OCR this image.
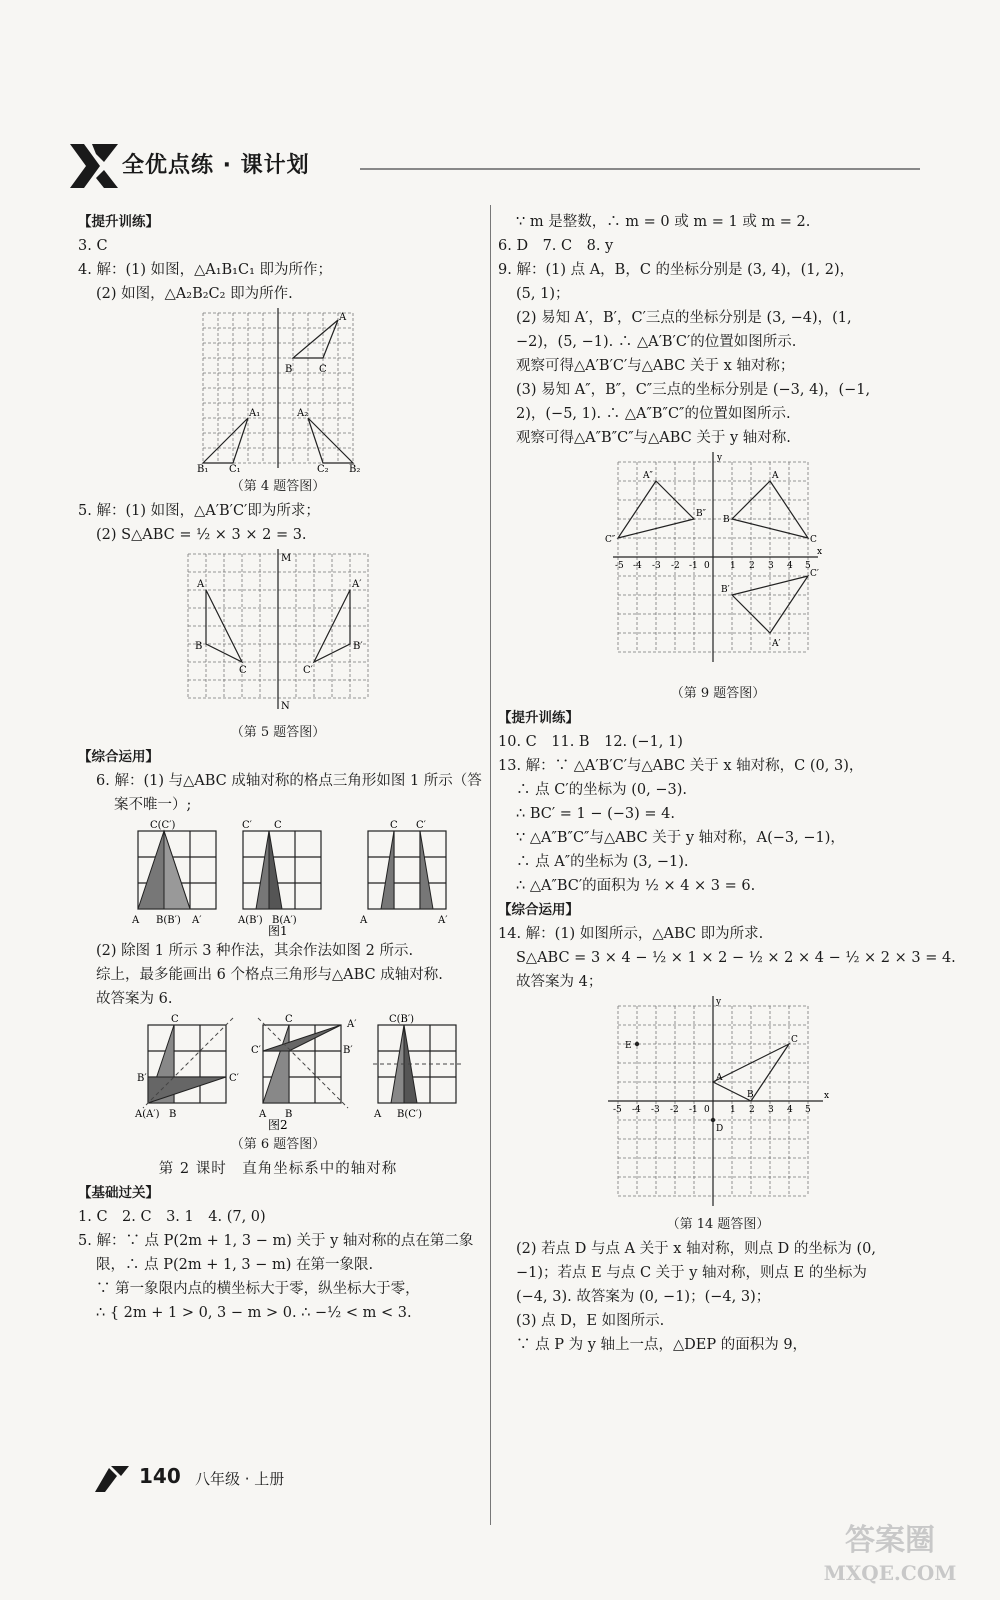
全优点练 · 课计划
【提升训练】
3. C
4. 解：(1) 如图，△A₁B₁C₁ 即为所作；
(2) 如图，△A₂B₂C₂ 即为所作.
A
B	C
A₁
B₁ C₁
A₂
C₂ B₂
（第 4 题答图）
5. 解：(1) 如图，△A′B′C′即为所求；
(2) S△ABC = ½ × 3 × 2 = 3.
M
N
A
B
C
A′
B′
C′
（第 5 题答图）
【综合运用】
6. 解：(1) 与△ABC 成轴对称的格点三角形如图 1 所示（答
案不唯一）;
C(C′)
A B(B′) A′
C′ C
A(B′) B(A′)
C C′
A	A′
图1
(2) 除图 1 所示 3 种作法，其余作法如图 2 所示.
综上，最多能画出 6 个格点三角形与△ABC 成轴对称.
故答案为 6.
C
B′	C′
A(A′) B
C	A′
C′	B′
A B
C(B′)
A B(C′)
图2
（第 6 题答图）
第 2 课时　直角坐标系中的轴对称
【基础过关】
1. C　2. C　3. 1　4. (7, 0)
5. 解：∵ 点 P(2m + 1, 3 − m) 关于 y 轴对称的点在第二象
限，∴ 点 P(2m + 1, 3 − m) 在第一象限.
∵ 第一象限内点的横坐标大于零，纵坐标大于零，
∴ { 2m + 1 > 0, 3 − m > 0. ∴ −½ < m < 3.
∵ m 是整数，∴ m = 0 或 m = 1 或 m = 2.
6. D　7. C　8. y
9. 解：(1) 点 A，B，C 的坐标分别是 (3, 4)，(1, 2)，
(5, 1)；
(2) 易知 A′，B′，C′三点的坐标分别是 (3, −4)，(1,
−2)，(5, −1). ∴ △A′B′C′的位置如图所示.
观察可得△A′B′C′与△ABC 关于 x 轴对称；
(3) 易知 A″，B″，C″三点的坐标分别是 (−3, 4)，(−1,
2)，(−5, 1). ∴ △A″B″C″的位置如图所示.
观察可得△A″B″C″与△ABC 关于 y 轴对称.
A
B
C
A′
B′
C′
A″
B″
C″
y
x
-5 -4 -3 -2 -1 0 1 2 3 4 5
（第 9 题答图）
【提升训练】
10. C　11. B　12. (−1, 1)
13. 解：∵ △A′B′C′与△ABC 关于 x 轴对称，C (0, 3)，
∴ 点 C′的坐标为 (0, −3).
∴ BC′ = 1 − (−3) = 4.
∵ △A″B″C″与△ABC 关于 y 轴对称，A(−3, −1)，
∴ 点 A″的坐标为 (3, −1).
∴ △A″BC′的面积为 ½ × 4 × 3 = 6.
【综合运用】
14. 解：(1) 如图所示，△ABC 即为所求.
S△ABC = 3 × 4 − ½ × 1 × 2 − ½ × 2 × 4 − ½ × 2 × 3 = 4.
故答案为 4；
C
A
B
E
D
y
x
-5 -4 -3 -2 -1 0 1 2 3 4 5
（第 14 题答图）
(2) 若点 D 与点 A 关于 x 轴对称，则点 D 的坐标为 (0,
−1)；若点 E 与点 C 关于 y 轴对称，则点 E 的坐标为
(−4, 3). 故答案为 (0, −1)；(−4, 3)；
(3) 点 D，E 如图所示.
∵ 点 P 为 y 轴上一点，△DEP 的面积为 9，
140 八年级 · 上册
答案圈
MXQE.COM
